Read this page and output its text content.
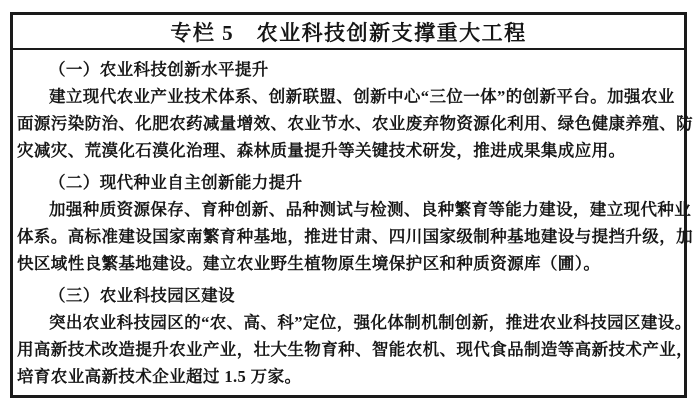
专栏 5　农业科技创新支撑重大工程
（一）农业科技创新水平提升
建立现代农业产业技术体系、创新联盟、创新中心“三位一体”的创新平台。加强农业
面源污染防治、化肥农药减量增效、农业节水、农业废弃物资源化利用、绿色健康养殖、防
灾减灾、荒漠化石漠化治理、森林质量提升等关键技术研发，推进成果集成应用。
（二）现代种业自主创新能力提升
加强种质资源保存、育种创新、品种测试与检测、良种繁育等能力建设，建立现代种业
体系。高标准建设国家南繁育种基地，推进甘肃、四川国家级制种基地建设与提挡升级，加
快区域性良繁基地建设。建立农业野生植物原生境保护区和种质资源库（圃）。
（三）农业科技园区建设
突出农业科技园区的“农、高、科”定位，强化体制机制创新，推进农业科技园区建设。
用高新技术改造提升农业产业，壮大生物育种、智能农机、现代食品制造等高新技术产业，
培育农业高新技术企业超过 1.5 万家。
